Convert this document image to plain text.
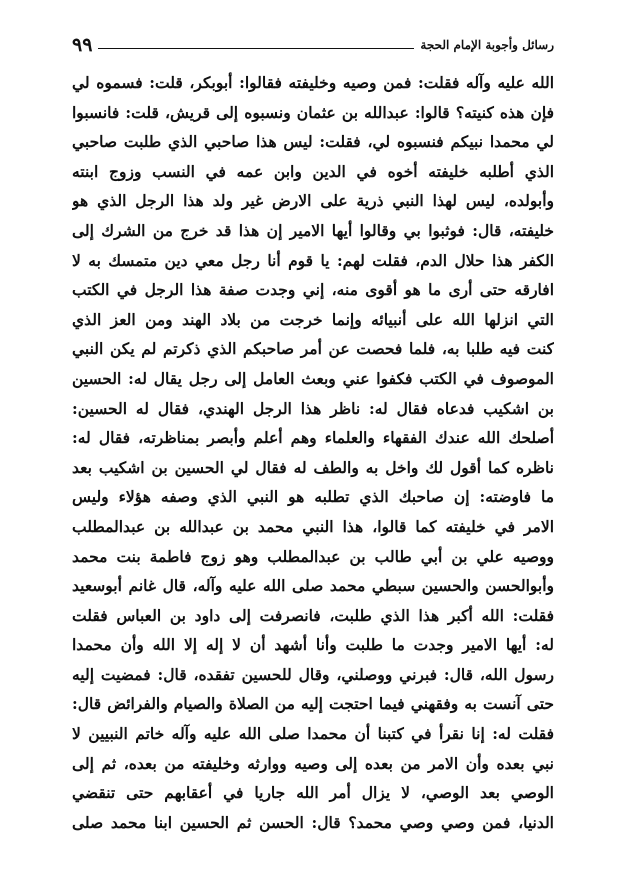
رسائل وأجوبة الإمام الحجة
٩٩
الله عليه وآله فقلت: فمن وصيه وخليفته فقالوا: أبوبكر، قلت: فسموه لي
فإن هذه كنيته؟ قالوا: عبدالله بن عثمان ونسبوه إلى قريش، قلت: فانسبوا
لي محمدا نبيكم فنسبوه لي، فقلت: ليس هذا صاحبي الذي طلبت صاحبي
الذي أطلبه خليفته أخوه في الدين وابن عمه في النسب وزوج ابنته
وأبولده، ليس لهذا النبي ذرية على الارض غير ولد هذا الرجل الذي هو
خليفته، قال: فوثبوا بي وقالوا أيها الامير إن هذا قد خرج من الشرك إلى
الكفر هذا حلال الدم، فقلت لهم: يا قوم أنا رجل معي دين متمسك به لا
افارقه حتى أرى ما هو أقوى منه، إني وجدت صفة هذا الرجل في الكتب
التي انزلها الله على أنبيائه وإنما خرجت من بلاد الهند ومن العز الذي
كنت فيه طلبا به، فلما فحصت عن أمر صاحبكم الذي ذكرتم لم يكن النبي
الموصوف في الكتب فكفوا عني وبعث العامل إلى رجل يقال له: الحسين
بن اشكيب فدعاه فقال له: ناظر هذا الرجل الهندي، فقال له الحسين:
أصلحك الله عندك الفقهاء والعلماء وهم أعلم وأبصر بمناظرته، فقال له:
ناظره كما أقول لك واخل به والطف له فقال لي الحسين بن اشكيب بعد
ما فاوضته: إن صاحبك الذي تطلبه هو النبي الذي وصفه هؤلاء وليس
الامر في خليفته كما قالوا، هذا النبي محمد بن عبدالله بن عبدالمطلب
ووصيه علي بن أبي طالب بن عبدالمطلب وهو زوج فاطمة بنت محمد
وأبوالحسن والحسين سبطي محمد صلى الله عليه وآله، قال غانم أبوسعيد
فقلت: الله أكبر هذا الذي طلبت، فانصرفت إلى داود بن العباس فقلت
له: أيها الامير وجدت ما طلبت وأنا أشهد أن لا إله إلا الله وأن محمدا
رسول الله، قال: فبرني ووصلني، وقال للحسين تفقده، قال: فمضيت إليه
حتى آنست به وفقهني فيما احتجت إليه من الصلاة والصيام والفرائض قال:
فقلت له: إنا نقرأ في كتبنا أن محمدا صلى الله عليه وآله خاتم النبيين لا
نبي بعده وأن الامر من بعده إلى وصيه ووارثه وخليفته من بعده، ثم إلى
الوصي بعد الوصي، لا يزال أمر الله جاريا في أعقابهم حتى تنقضي
الدنيا، فمن وصي وصي محمد؟ قال: الحسن ثم الحسين ابنا محمد صلى
